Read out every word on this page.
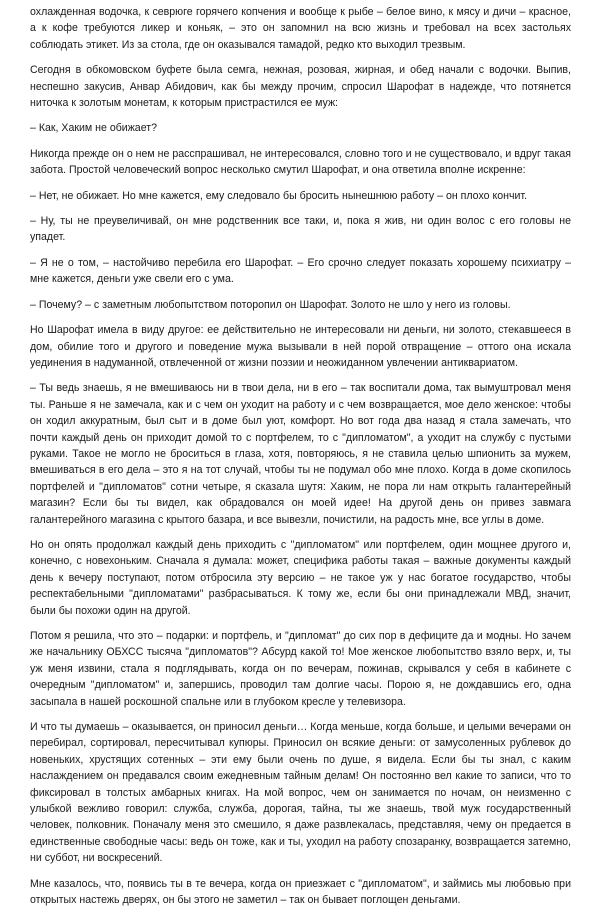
охлажденная водочка, к севрюге горячего копчения и вообще к рыбе – белое вино, к мясу и дичи – красное, а к кофе требуются ликер и коньяк, – это он запомнил на всю жизнь и требовал на всех застольях соблюдать этикет. Из за стола, где он оказывался тамадой, редко кто выходил трезвым.

Сегодня в обкомовском буфете была семга, нежная, розовая, жирная, и обед начали с водочки. Выпив, неспешно закусив, Анвар Абидович, как бы между прочим, спросил Шарофат в надежде, что потянется ниточка к золотым монетам, к которым пристрастился ее муж:

– Как, Хаким не обижает?

Никогда прежде он о нем не расспрашивал, не интересовался, словно того и не существовало, и вдруг такая забота. Простой человеческий вопрос несколько смутил Шарофат, и она ответила вполне искренне:

– Нет, не обижает. Но мне кажется, ему следовало бы бросить нынешнюю работу – он плохо кончит.

– Ну, ты не преувеличивай, он мне родственник все таки, и, пока я жив, ни один волос с его головы не упадет.

– Я не о том, – настойчиво перебила его Шарофат. – Его срочно следует показать хорошему психиатру – мне кажется, деньги уже свели его с ума.

– Почему? – с заметным любопытством поторопил он Шарофат. Золото не шло у него из головы.

Но Шарофат имела в виду другое: ее действительно не интересовали ни деньги, ни золото, стекавшееся в дом, обилие того и другого и поведение мужа вызывали в ней порой отвращение – оттого она искала уединения в надуманной, отвлеченной от жизни поэзии и неожиданном увлечении антиквариатом.

– Ты ведь знаешь, я не вмешиваюсь ни в твои дела, ни в его – так воспитали дома, так вымуштровал меня ты. Раньше я не замечала, как и с чем он уходит на работу и с чем возвращается, мое дело женское: чтобы он ходил аккуратным, был сыт и в доме был уют, комфорт. Но вот года два назад я стала замечать, что почти каждый день он приходит домой то с портфелем, то с "дипломатом", а уходит на службу с пустыми руками. Такое не могло не броситься в глаза, хотя, повторяюсь, я не ставила целью шпионить за мужем, вмешиваться в его дела – это я на тот случай, чтобы ты не подумал обо мне плохо. Когда в доме скопилось портфелей и "дипломатов" сотни четыре, я сказала шутя: Хаким, не пора ли нам открыть галантерейный магазин? Если бы ты видел, как обрадовался он моей идее! На другой день он привез завмага галантерейного магазина с крытого базара, и все вывезли, почистили, на радость мне, все углы в доме.

Но он опять продолжал каждый день приходить с "дипломатом" или портфелем, один мощнее другого и, конечно, с новехоньким. Сначала я думала: может, специфика работы такая – важные документы каждый день к вечеру поступают, потом отбросила эту версию – не такое уж у нас богатое государство, чтобы респектабельными "дипломатами" разбрасываться. К тому же, если бы они принадлежали МВД, значит, были бы похожи один на другой.

Потом я решила, что это – подарки: и портфель, и "дипломат" до сих пор в дефиците да и модны. Но зачем же начальнику ОБХСС тысяча "дипломатов"? Абсурд какой то! Мое женское любопытство взяло верх, и, ты уж меня извини, стала я подглядывать, когда он по вечерам, пожинав, скрывался у себя в кабинете с очередным "дипломатом" и, запершись, проводил там долгие часы. Порою я, не дождавшись его, одна засыпала в нашей роскошной спальне или в глубоком кресле у телевизора.

И что ты думаешь – оказывается, он приносил деньги… Когда меньше, когда больше, и целыми вечерами он перебирал, сортировал, пересчитывал купюры. Приносил он всякие деньги: от замусоленных рублевок до новеньких, хрустящих сотенных – эти ему были очень по душе, я видела. Если бы ты знал, с каким наслаждением он предавался своим ежедневным тайным делам! Он постоянно вел какие то записи, что то фиксировал в толстых амбарных книгах. На мой вопрос, чем он занимается по ночам, он неизменно с улыбкой вежливо говорил: служба, служба, дорогая, тайна, ты же знаешь, твой муж государственный человек, полковник. Поначалу меня это смешило, я даже развлекалась, представляя, чему он предается в единственные свободные часы: ведь он тоже, как и ты, уходил на работу спозаранку, возвращается затемно, ни суббот, ни воскресений.

Мне казалось, что, появись ты в те вечера, когда он приезжает с "дипломатом", и займись мы любовью при открытых настежь дверях, он бы этого не заметил – так он бывает поглощен деньгами.
